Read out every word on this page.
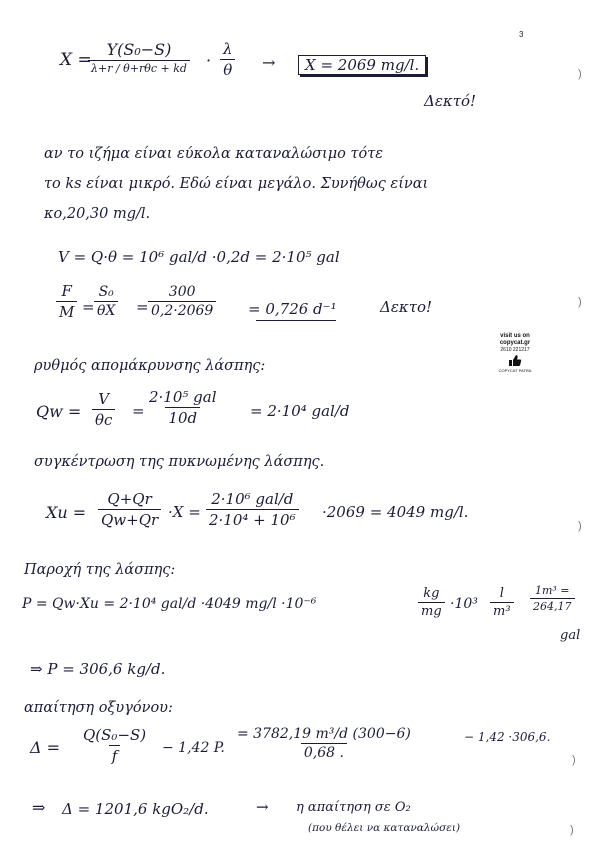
3
X =
Y(S₀−S)
λ+r / θ+rθc + kd · $\frac{\lambda}{\theta}$ →	X = 2069 mg/l.
Δεκτό!
)
αν το ιζήμα είναι εύκολα καταναλώσιμο τότε
το ks είναι μικρό. Εδώ είναι μεγάλο. Συνήθως είναι
κο,20,30 mg/l.
V = Q·θ = 10⁶ gal/d ·0,2d = 2·10⁵ gal
$\frac{F}{M} = \frac{\text{S₀}}{\theta X} = \frac{300}{0,2\cdot 2069} = 0,726$ d⁻¹	Δεκτο!	)
visit us on
copycat.gr
2610 221217
COPYCAT PATRA
ρυθμός απομάκρυνσης λάσπης:
Qᴡ = $\frac{V}{\theta c}$ =
2·10⁵ gal
10d	= 2·10⁴ gal/d
συγκέντρωση της πυκνωμένης λάσπης.
$Xu = \frac{Q+Qr}{Qw+Qr} \cdot X$ =
2·10⁶ gal/d
2·10⁴ + 10⁶ ·2069 = 4049 mg/l.
)
Παροχή της λάσπης:
P = Qw·Xu = 2·10⁴ gal/d ·4049 mg/l ·10⁻⁶	$\frac{kg}{mg} \cdot 10^3 \frac{l}{\text{m³}} \frac{\text{1m³ =}}{264,17}$
gal
⇒ P = 306,6 kg/d.
απαίτηση οξυγόνου:
$\Delta = \frac{\text{Q(S₀−S)}}{f} - 1,42$ P. $\frac{\text{= 3782,19 m³/d (300−6)}}{0,68 .}$	− 1,42 ·306,6.
)
⇒ Δ = 1201,6 kgO₂/d.	→ η απαίτηση σε O₂
(που θέλει να καταναλώσει)	)
